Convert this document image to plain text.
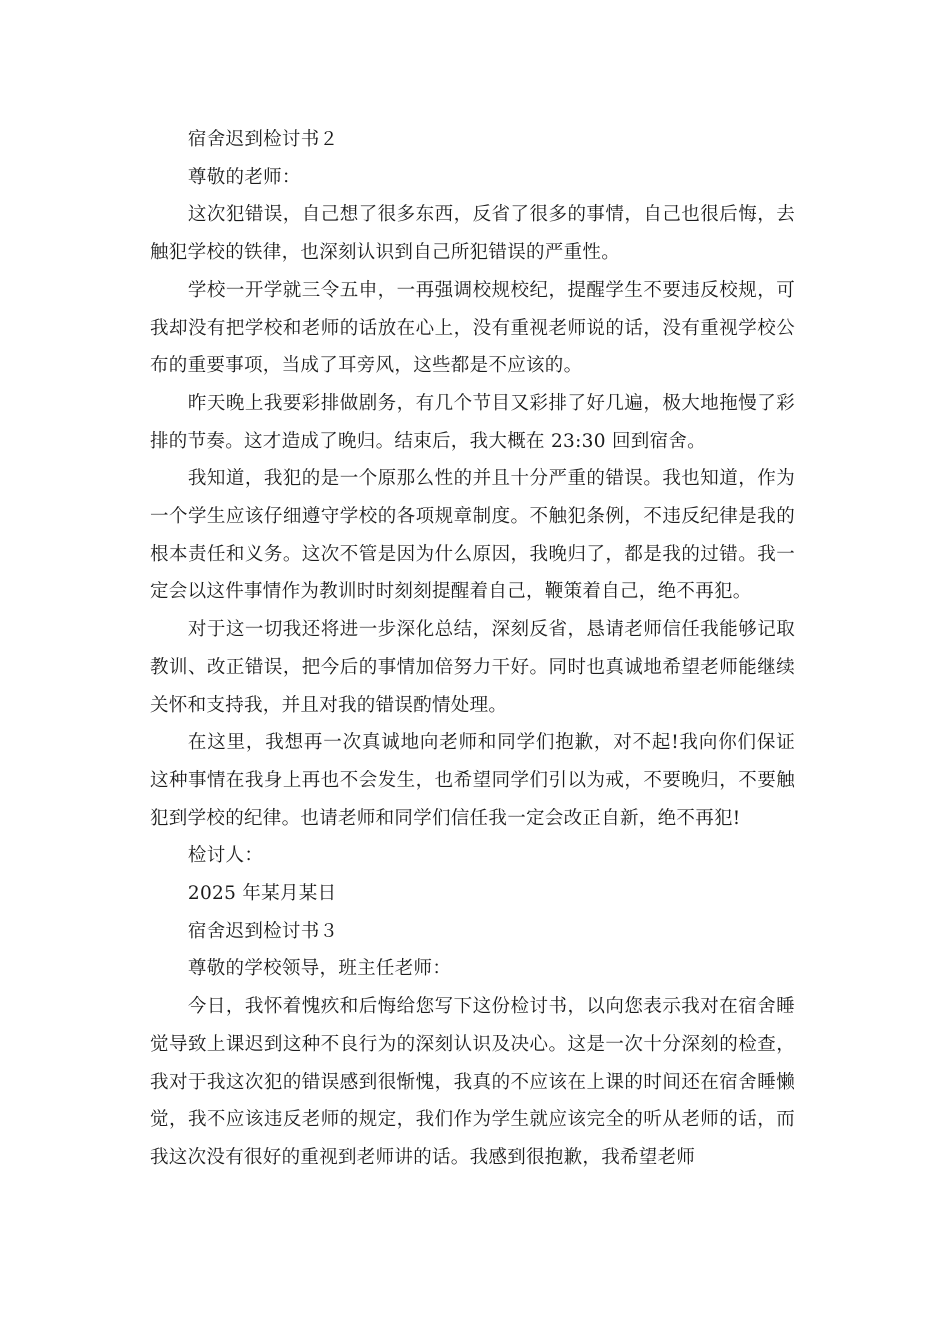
宿舍迟到检讨书２
尊敬的老师：
这次犯错误，自己想了很多东西，反省了很多的事情，自己也很后悔，去触犯学校的铁律，也深刻认识到自己所犯错误的严重性。
学校一开学就三令五申，一再强调校规校纪，提醒学生不要违反校规，可我却没有把学校和老师的话放在心上，没有重视老师说的话，没有重视学校公布的重要事项，当成了耳旁风，这些都是不应该的。
昨天晚上我要彩排做剧务，有几个节目又彩排了好几遍，极大地拖慢了彩排的节奏。这才造成了晚归。结束后，我大概在 23:30 回到宿舍。
我知道，我犯的是一个原那么性的并且十分严重的错误。我也知道，作为一个学生应该仔细遵守学校的各项规章制度。不触犯条例，不违反纪律是我的根本责任和义务。这次不管是因为什么原因，我晚归了，都是我的过错。我一定会以这件事情作为教训时时刻刻提醒着自己，鞭策着自己，绝不再犯。
对于这一切我还将进一步深化总结，深刻反省，恳请老师信任我能够记取教训、改正错误，把今后的事情加倍努力干好。同时也真诚地希望老师能继续关怀和支持我，并且对我的错误酌情处理。
在这里，我想再一次真诚地向老师和同学们抱歉，对不起!我向你们保证这种事情在我身上再也不会发生，也希望同学们引以为戒，不要晚归，不要触犯到学校的纪律。也请老师和同学们信任我一定会改正自新，绝不再犯!
检讨人：
2025 年某月某日
宿舍迟到检讨书３
尊敬的学校领导，班主任老师：
今日，我怀着愧疚和后悔给您写下这份检讨书，以向您表示我对在宿舍睡觉导致上课迟到这种不良行为的深刻认识及决心。这是一次十分深刻的检查，我对于我这次犯的错误感到很惭愧，我真的不应该在上课的时间还在宿舍睡懒觉，我不应该违反老师的规定，我们作为学生就应该完全的听从老师的话，而我这次没有很好的重视到老师讲的话。我感到很抱歉，我希望老师
